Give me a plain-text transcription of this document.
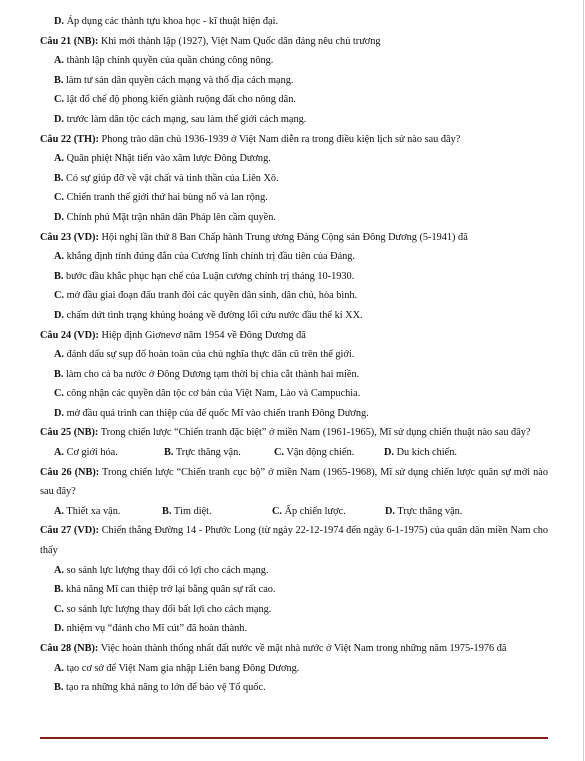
D. Áp dụng các thành tựu khoa học - kĩ thuật hiện đại.
Câu 21 (NB): Khi mới thành lập (1927), Việt Nam Quốc dân đảng nêu chủ trương
A. thành lập chính quyền của quần chúng công nông.
B. làm tư sản dân quyền cách mạng và thổ địa cách mạng.
C. lật đổ chế độ phong kiến giành ruộng đất cho nông dân.
D. trước làm dân tộc cách mạng, sau làm thế giới cách mạng.
Câu 22 (TH): Phong trào dân chủ 1936-1939 ở Việt Nam diễn ra trong điều kiện lịch sử nào sau đây?
A. Quân phiệt Nhật tiến vào xâm lược Đông Dương.
B. Có sự giúp đỡ về vật chất và tinh thần của Liên Xô.
C. Chiến tranh thế giới thứ hai bùng nổ và lan rộng.
D. Chính phủ Mặt trận nhân dân Pháp lên cầm quyền.
Câu 23 (VD): Hội nghị lần thứ 8 Ban Chấp hành Trung ương Đảng Cộng sản Đông Dương (5-1941) đã
A. khẳng định tính đúng đắn của Cương lĩnh chính trị đầu tiên của Đảng.
B. bước đầu khắc phục hạn chế của Luận cương chính trị tháng 10-1930.
C. mở đầu giai đoạn đấu tranh đòi các quyền dân sinh, dân chủ, hòa bình.
D. chấm dứt tình trạng khủng hoảng về đường lối cứu nước đầu thế kỉ XX.
Câu 24 (VD): Hiệp định Giơnevơ năm 1954 về Đông Dương đã
A. đánh dấu sự sụp đổ hoàn toàn của chủ nghĩa thực dân cũ trên thế giới.
B. làm cho cả ba nước ở Đông Dương tạm thời bị chia cắt thành hai miền.
C. công nhận các quyền dân tộc cơ bản của Việt Nam, Lào và Campuchia.
D. mở đầu quá trình can thiệp của đế quốc Mĩ vào chiến tranh Đông Dương.
Câu 25 (NB): Trong chiến lược “Chiến tranh đặc biệt” ở miền Nam (1961-1965), Mĩ sử dụng chiến thuật nào sau đây?
A. Cơ giới hóa.	B. Trực thăng vận.	C. Vận động chiến.	D. Du kích chiến.
Câu 26 (NB): Trong chiến lược “Chiến tranh cục bộ” ở miền Nam (1965-1968), Mĩ sử dụng chiến lược quân sự mới nào sau đây?
A. Thiết xa vận.	B. Tìm diệt.	C. Ấp chiến lược.	D. Trực thăng vận.
Câu 27 (VD): Chiến thắng Đường 14 - Phước Long (từ ngày 22-12-1974 đến ngày 6-1-1975) của quân dân miền Nam cho thấy
A. so sánh lực lượng thay đổi có lợi cho cách mạng.
B. khả năng Mĩ can thiệp trở lại bằng quân sự rất cao.
C. so sánh lực lượng thay đổi bất lợi cho cách mạng.
D. nhiệm vụ “đánh cho Mĩ cút” đã hoàn thành.
Câu 28 (NB): Việc hoàn thành thống nhất đất nước về mặt nhà nước ở Việt Nam trong những năm 1975-1976 đã
A. tạo cơ sở để Việt Nam gia nhập Liên bang Đông Dương.
B. tạo ra những khả năng to lớn để bảo vệ Tổ quốc.
